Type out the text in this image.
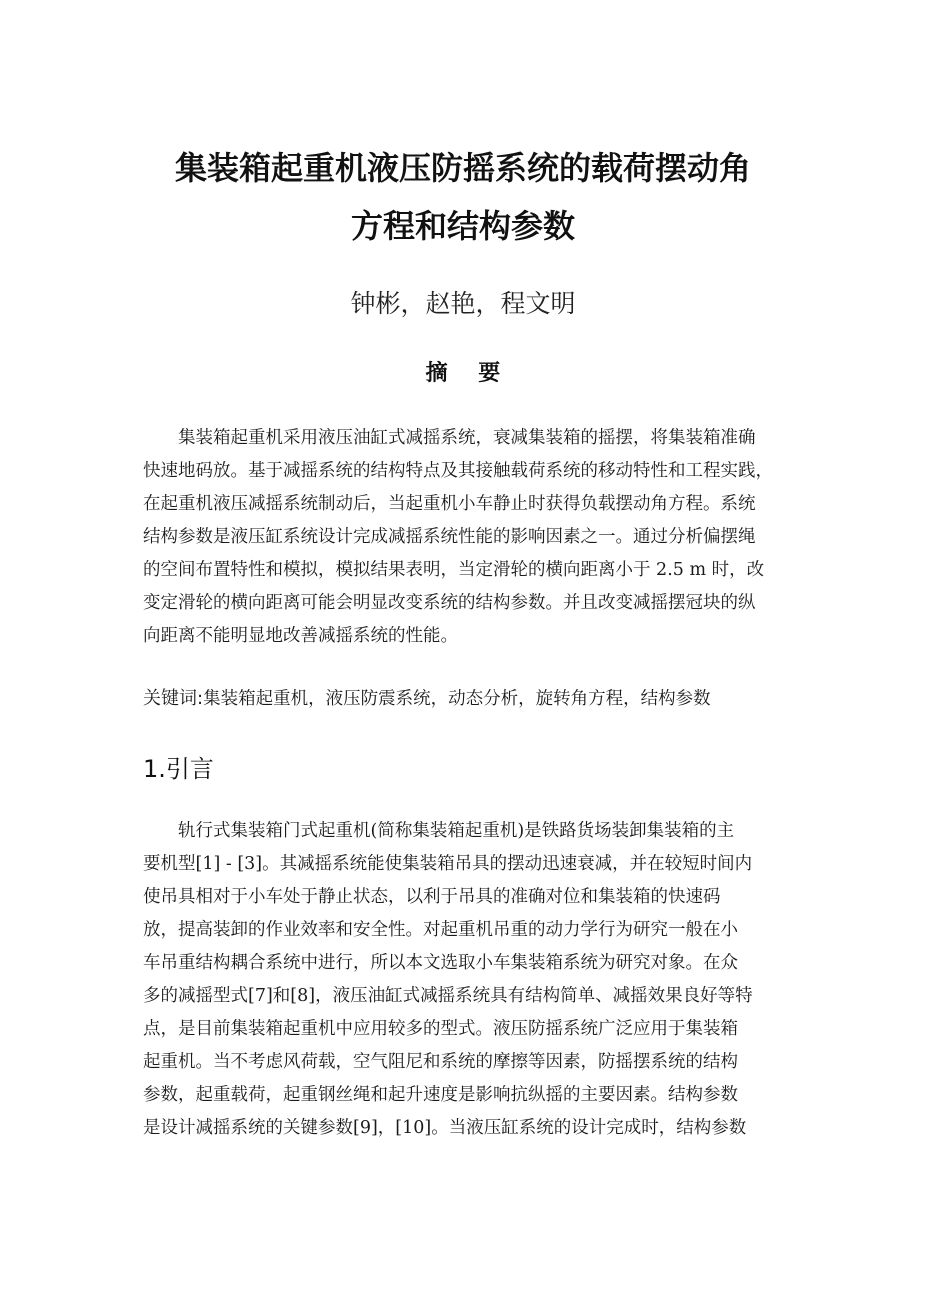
集装箱起重机液压防摇系统的载荷摆动角
方程和结构参数
钟彬，赵艳，程文明
摘    要
集装箱起重机采用液压油缸式减摇系统，衰减集装箱的摇摆，将集装箱准确
快速地码放。基于减摇系统的结构特点及其接触载荷系统的移动特性和工程实践，
在起重机液压减摇系统制动后，当起重机小车静止时获得负载摆动角方程。系统
结构参数是液压缸系统设计完成减摇系统性能的影响因素之一。通过分析偏摆绳
的空间布置特性和模拟，模拟结果表明，当定滑轮的横向距离小于 2.5 m 时，改
变定滑轮的横向距离可能会明显改变系统的结构参数。并且改变减摇摆冠块的纵
向距离不能明显地改善减摇系统的性能。
关键词:集装箱起重机，液压防震系统，动态分析，旋转角方程，结构参数
1.引言
轨行式集装箱门式起重机(简称集装箱起重机)是铁路货场装卸集装箱的主
要机型[1] - [3]。其减摇系统能使集装箱吊具的摆动迅速衰减，并在较短时间内
使吊具相对于小车处于静止状态，以利于吊具的准确对位和集装箱的快速码
放，提高装卸的作业效率和安全性。对起重机吊重的动力学行为研究一般在小
车吊重结构耦合系统中进行，所以本文选取小车集装箱系统为研究对象。在众
多的减摇型式[7]和[8]，液压油缸式减摇系统具有结构简单、减摇效果良好等特
点，是目前集装箱起重机中应用较多的型式。液压防摇系统广泛应用于集装箱
起重机。当不考虑风荷载，空气阻尼和系统的摩擦等因素，防摇摆系统的结构
参数，起重载荷，起重钢丝绳和起升速度是影响抗纵摇的主要因素。结构参数
是设计减摇系统的关键参数[9]，[10]。当液压缸系统的设计完成时，结构参数
